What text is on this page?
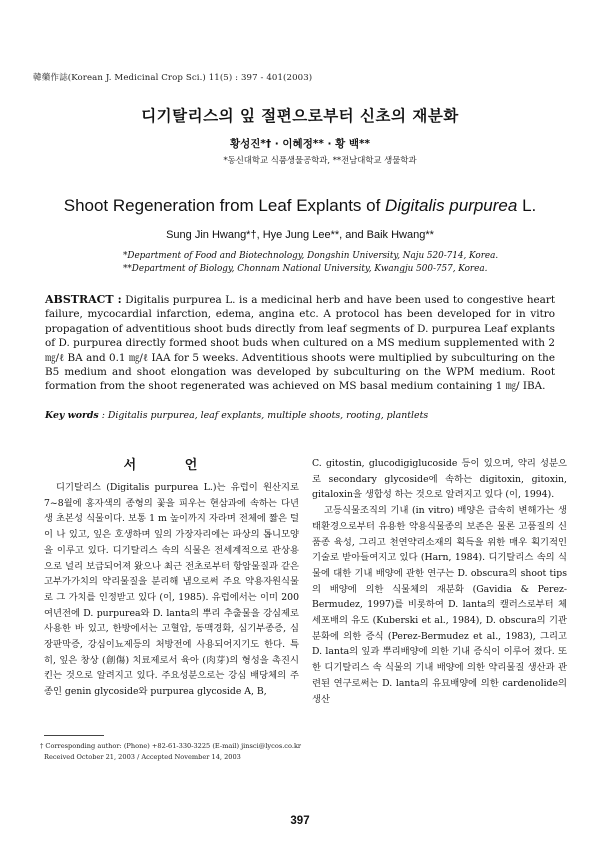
韓藥作誌(Korean J. Medicinal Crop Sci.) 11(5) : 397 - 401(2003)
디기탈리스의 잎 절편으로부터 신초의 재분화
황성진*† · 이혜정** · 황 백**
*동신대학교 식품생물공학과, **전남대학교 생물학과
Shoot Regeneration from Leaf Explants of Digitalis purpurea L.
Sung Jin Hwang*†, Hye Jung Lee**, and Baik Hwang**
*Department of Food and Biotechnology, Dongshin University, Naju 520-714, Korea.
**Department of Biology, Chonnam National University, Kwangju 500-757, Korea.
ABSTRACT : Digitalis purpurea L. is a medicinal herb and have been used to congestive heart failure, mycocardial infarction, edema, angina etc. A protocol has been developed for in vitro propagation of adventitious shoot buds directly from leaf segments of D. purpurea Leaf explants of D. purpurea directly formed shoot buds when cultured on a MS medium supplemented with 2 ㎎/ℓ BA and 0.1 ㎎/ℓ IAA for 5 weeks. Adventitious shoots were multiplied by subculturing on the B5 medium and shoot elongation was developed by subculturing on the WPM medium. Root formation from the shoot regenerated was achieved on MS basal medium containing 1 ㎎/ IBA.
Key words : Digitalis purpurea, leaf explants, multiple shoots, rooting, plantlets
서 언

디기탈리스 (Digitalis purpurea L.)는 유럽이 원산지로 7~8월에 홍자색의 종형의 꽃을 피우는 현삼과에 속하는 다년생 초본성 식물이다. 보통 1 m 높이까지 자라며 전체에 짧은 털이 나 있고, 잎은 호생하며 잎의 가장자리에는 파상의 톱니모양을 이루고 있다. 디기탈리스 속의 식물은 전세계적으로 관상용으로 널리 보급되어져 왔으나 최근 전초로부터 항암물질과 같은 고부가가치의 약리물질을 분리해 냄으로써 주요 약용자원식물로 그 가치를 인정받고 있다 (이, 1985). 유럽에서는 이미 200여년전에 D. purpurea와 D. lanta의 뿌리 추출물을 강심제로 사용한 바 있고, 한방에서는 고혈압, 동맥경화, 심기부종증, 심장판막증, 강심이뇨제등의 처방전에 사용되어지기도 한다. 특히, 잎은 창상 (創傷) 치료제로서 육아 (肉芽)의 형성을 촉진시킨는 것으로 알려지고 있다. 주요성분으로는 강심 배당체의 주종인 genin glycoside와 purpurea glycoside A, B,

C. gitostin, glucodigiglucoside 등이 있으며, 약리 성분으로 secondary glycoside에 속하는 digitoxin, gitoxin, gitaloxin을 생합성 하는 것으로 알려지고 있다 (이, 1994).

고등식물조직의 기내 (in vitro) 배양은 급속히 변해가는 생태환경으로부터 유용한 약용식물종의 보존은 물론 고품질의 신품종 육성, 그리고 천연약리소재의 획득을 위한 매우 획기적인 기술로 받아들여지고 있다 (Harn, 1984). 디기탈리스 속의 식물에 대한 기내 배양에 관한 연구는 D. obscura의 shoot tips의 배양에 의한 식물체의 재분화 (Gavidia & Perez-Bermudez, 1997)를 비롯하여 D. lanta의 캘러스로부터 체세포배의 유도 (Kuberski et al., 1984), D. obscura의 기관분화에 의한 증식 (Perez-Bermudez et al., 1983), 그리고 D. lanta의 잎과 뿌리배양에 의한 기내 증식이 이루어 졌다. 또한 디기탈리스 속 식물의 기내 배양에 의한 약리물질 생산과 관련된 연구로써는 D. lanta의 유묘배양에 의한 cardenolide의 생산

† Corresponding author: (Phone) +82-61-330-3225 (E-mail) jinsci@lycos.co.kr
Received October 21, 2003 / Accepted November 14, 2003
397
